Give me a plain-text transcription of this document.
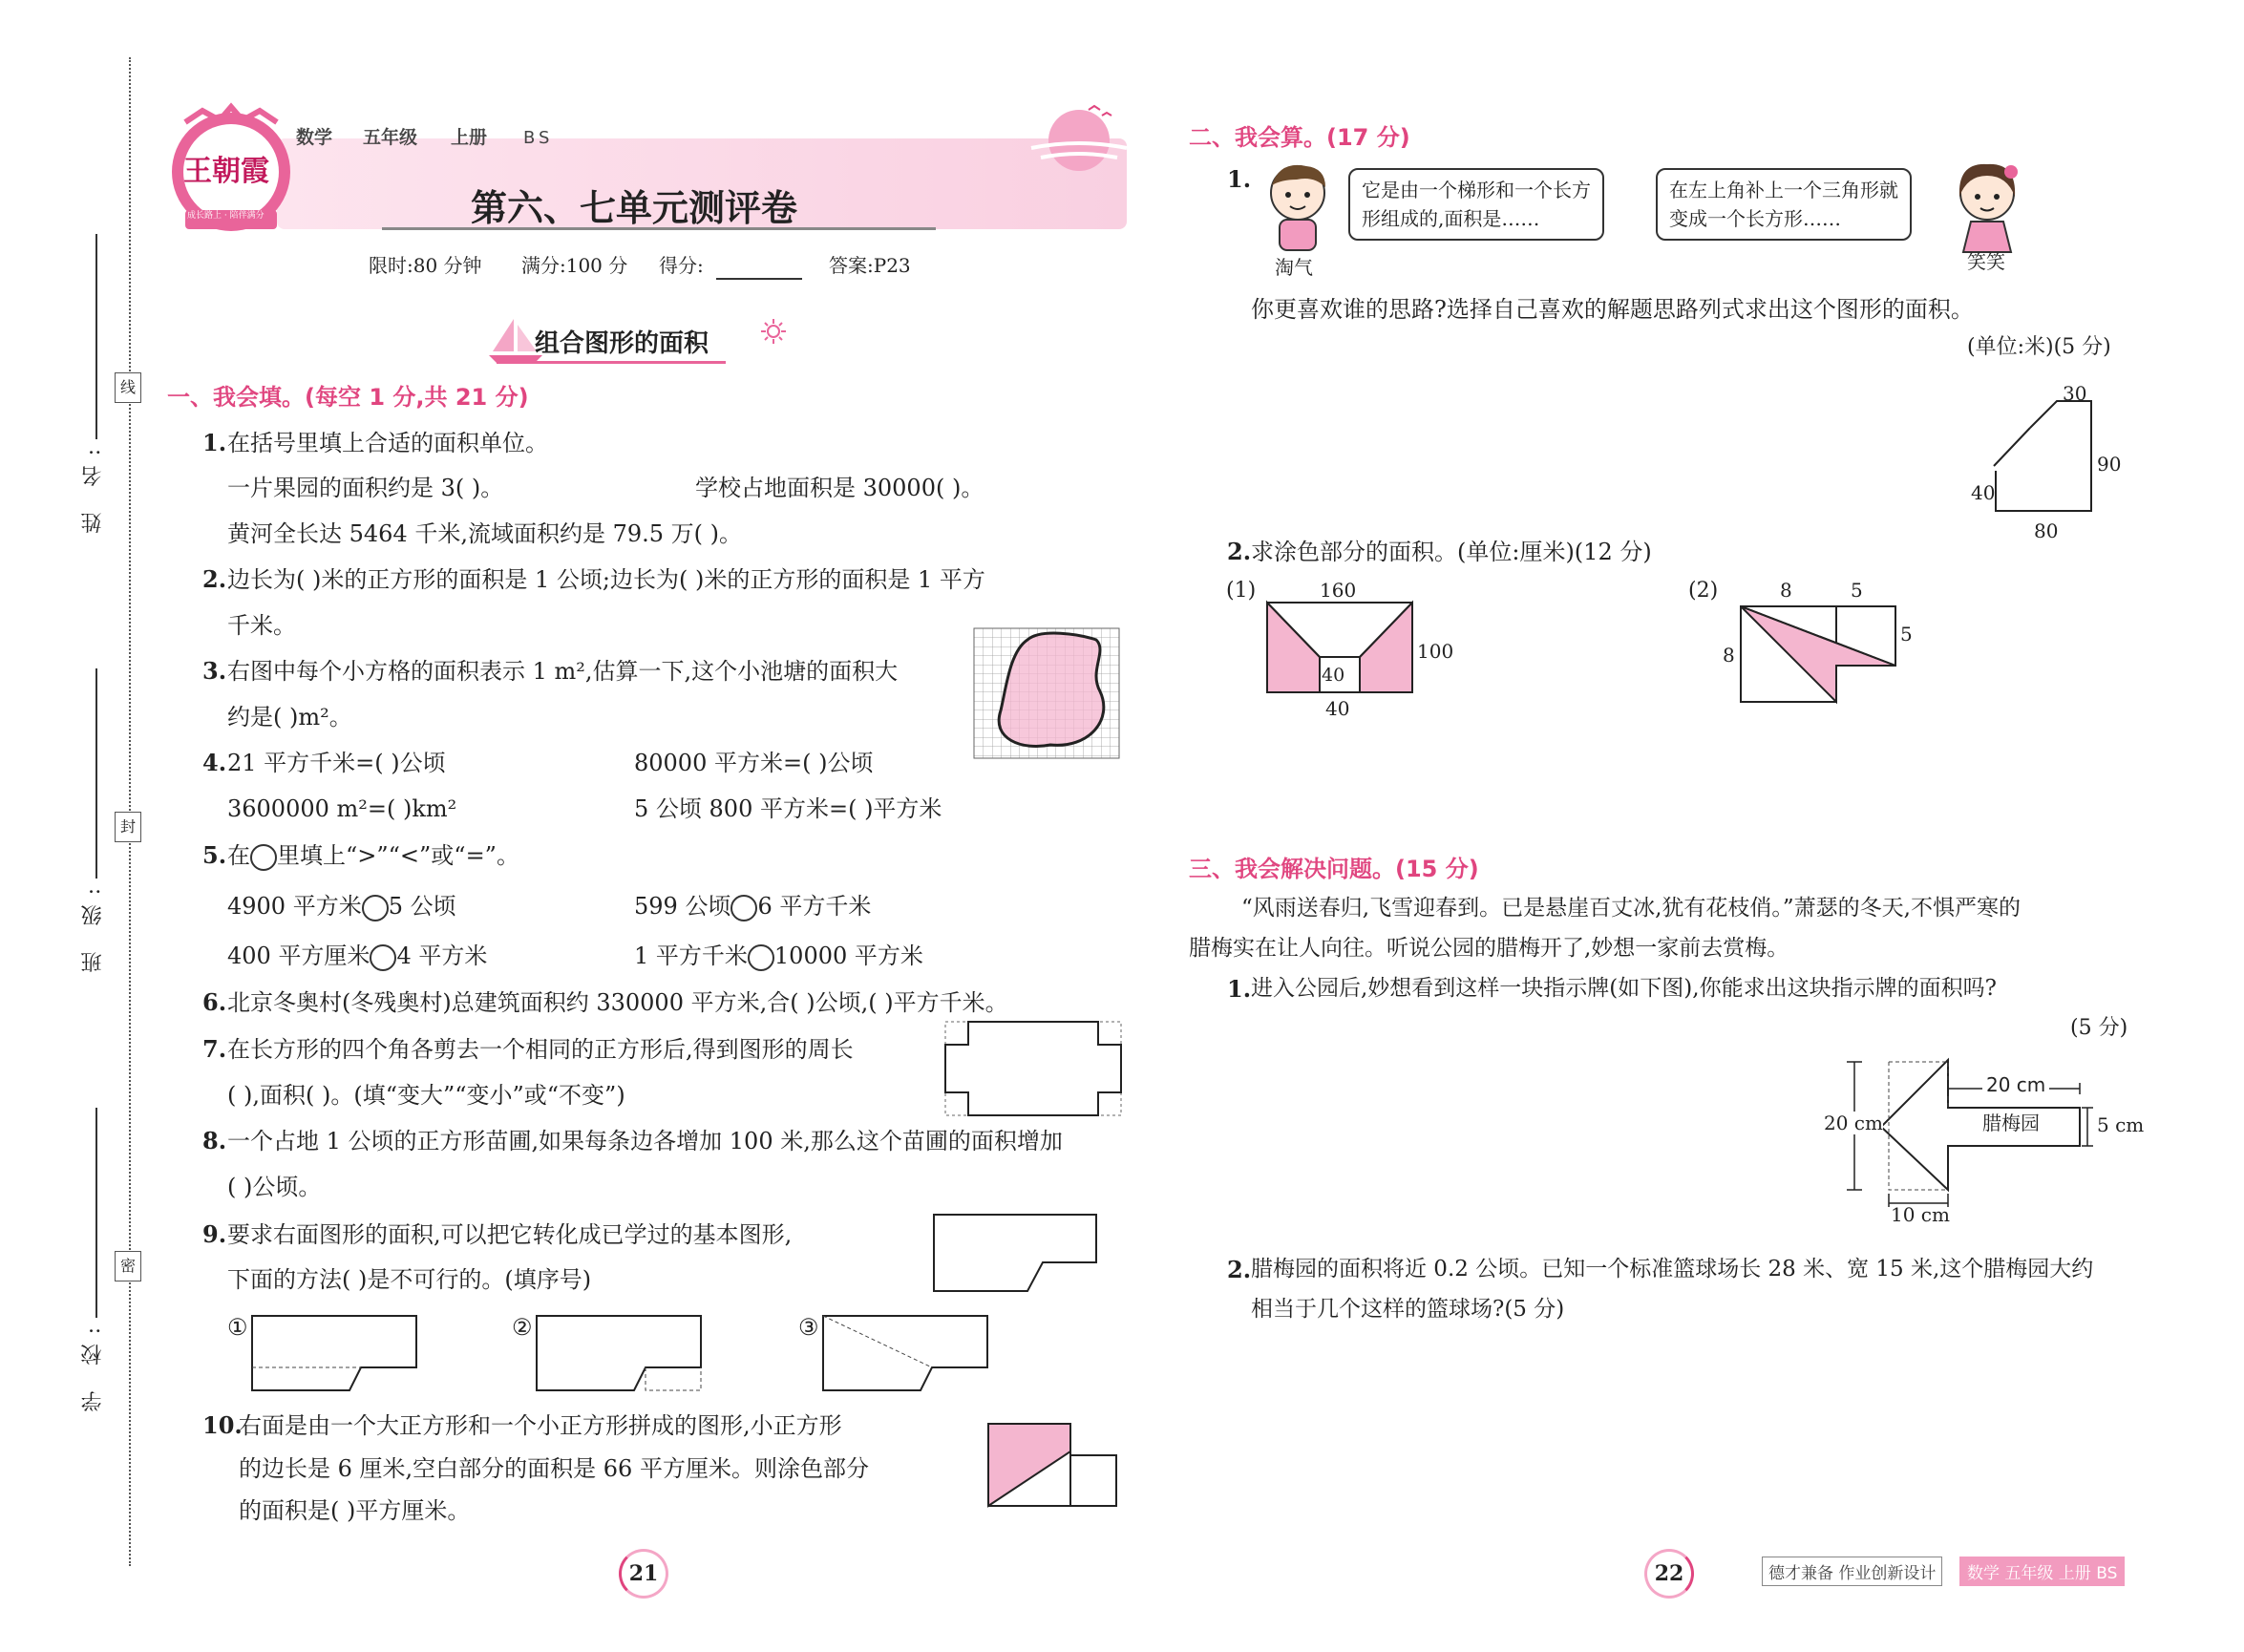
线
封
密
姓 名:
班 级:
学 校:
王朝霞
成长路上 · 陪伴满分
数学 五年级 上册 BS
第六、七单元测评卷
限时:80 分钟 满分:100 分 得分:	答案:P23
组合图形的面积
一、我会填。(每空 1 分,共 21 分)
1. 在括号里填上合适的面积单位。
一片果园的面积约是 3( )。	学校占地面积是 30000( )。
黄河全长达 5464 千米,流域面积约是 79.5 万( )。
2. 边长为( )米的正方形的面积是 1 公顷;边长为( )米的正方形的面积是 1 平方
千米。
3. 右图中每个小方格的面积表示 1 m²,估算一下,这个小池塘的面积大
约是( )m²。
4. 21 平方千米=( )公顷	80000 平方米=( )公顷
3600000 m²=( )km²	5 公顷 800 平方米=( )平方米
5. 在 里填上“>”“<”或“=”。
4900 平方米 5 公顷	599 公顷 6 平方千米
400 平方厘米 4 平方米	1 平方千米 10000 平方米
6. 北京冬奥村(冬残奥村)总建筑面积约 330000 平方米,合( )公顷,( )平方千米。
7. 在长方形的四个角各剪去一个相同的正方形后,得到图形的周长
( ),面积( )。(填“变大”“变小”或“不变”)
8. 一个占地 1 公顷的正方形苗圃,如果每条边各增加 100 米,那么这个苗圃的面积增加
( )公顷。
9. 要求右面图形的面积,可以把它转化成已学过的基本图形,
下面的方法( )是不可行的。(填序号)
①	②	③
10.
右面是由一个大正方形和一个小正方形拼成的图形,小正方形
的边长是 6 厘米,空白部分的面积是 66 平方厘米。则涂色部分
的面积是( )平方厘米。
21
二、我会算。(17 分)
1.
淘气
它是由一个梯形和一个长方
形组成的,面积是……
在左上角补上一个三角形就
变成一个长方形……
笑笑
你更喜欢谁的思路?选择自己喜欢的解题思路列式求出这个图形的面积。
(单位:米)(5 分)
30
90
40
80
2. 求涂色部分的面积。(单位:厘米)(12 分)
(1)	160
100
40
40
(2)	8	5
8
5
三、我会解决问题。(15 分)
“风雨送春归,飞雪迎春到。已是悬崖百丈冰,犹有花枝俏。”萧瑟的冬天,不惧严寒的
腊梅实在让人向往。听说公园的腊梅开了,妙想一家前去赏梅。
1. 进入公园后,妙想看到这样一块指示牌(如下图),你能求出这块指示牌的面积吗?
(5 分)
腊梅园
20 cm
5 cm
20 cm
10 cm
2. 腊梅园的面积将近 0.2 公顷。已知一个标准篮球场长 28 米、宽 15 米,这个腊梅园大约
相当于几个这样的篮球场?(5 分)
22	德才兼备 作业创新设计	数学 五年级 上册 BS
